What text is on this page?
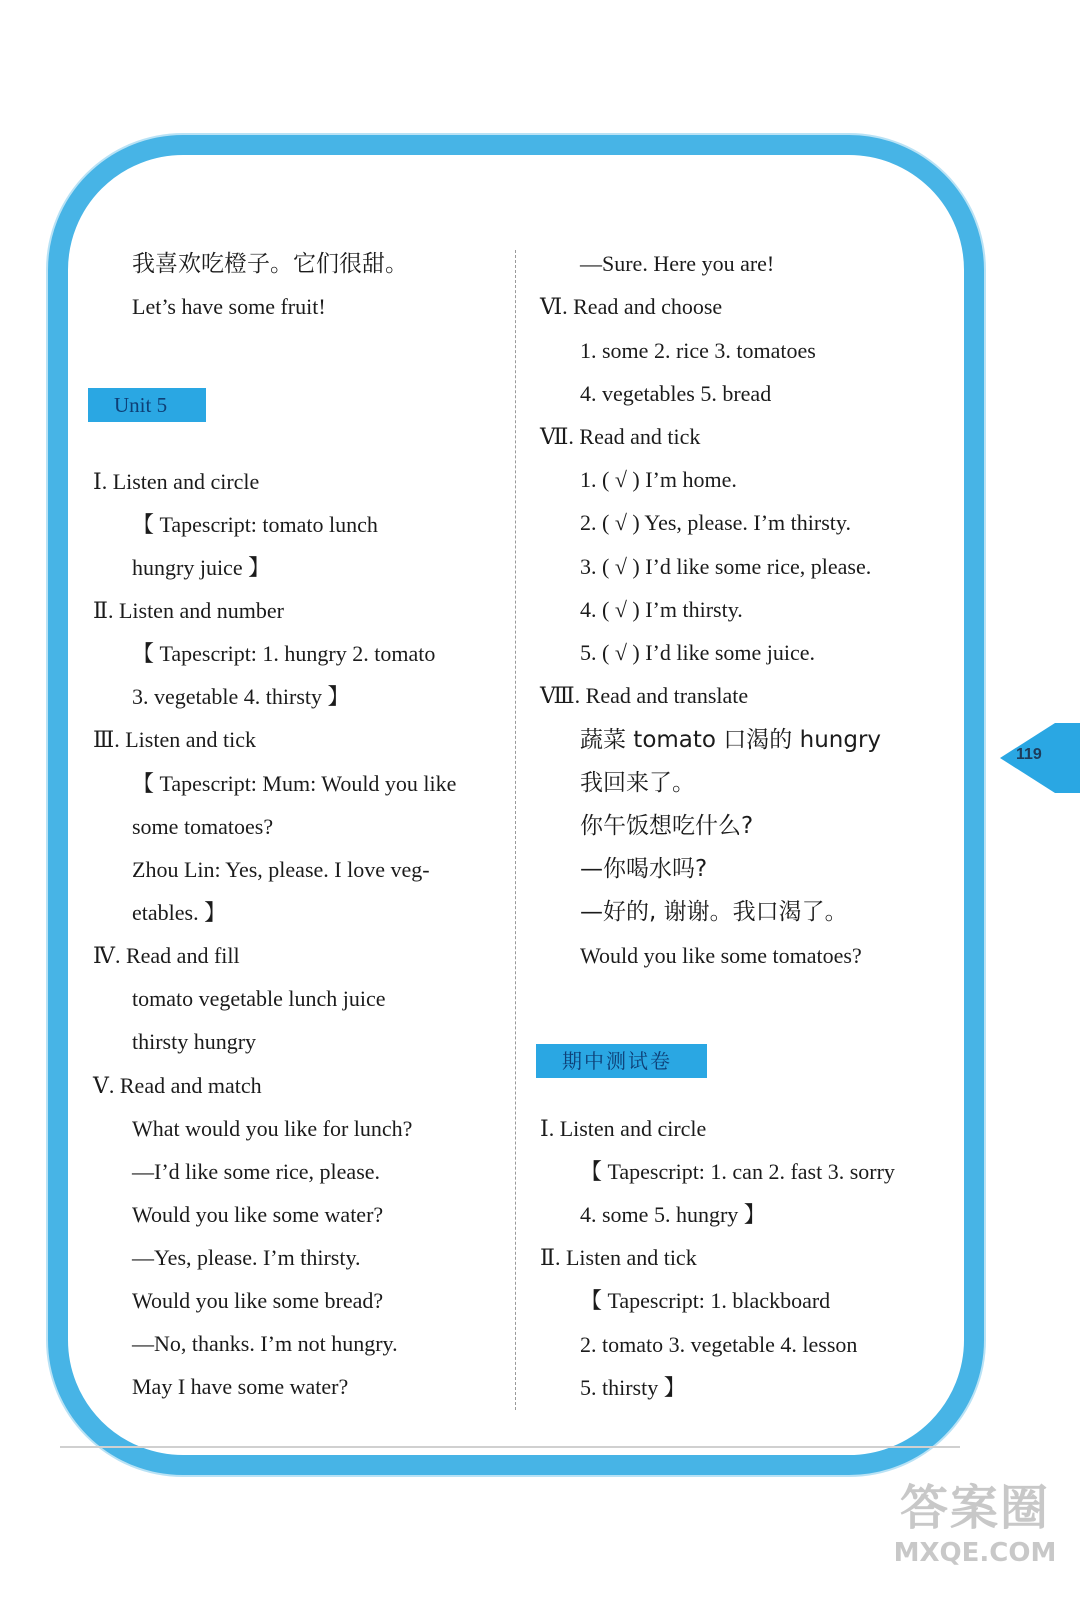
我喜欢吃橙子。它们很甜。
Let’s have some fruit!
Unit 5
Ⅰ. Listen and circle
【 Tapescript: tomato lunch
hungry juice 】
Ⅱ. Listen and number
【 Tapescript: 1. hungry 2. tomato
3. vegetable 4. thirsty 】
Ⅲ. Listen and tick
【 Tapescript: Mum: Would you like
some tomatoes?
Zhou Lin: Yes, please. I love veg-
etables. 】
Ⅳ. Read and fill
tomato vegetable lunch juice
thirsty hungry
Ⅴ. Read and match
What would you like for lunch?
—I’d like some rice, please.
Would you like some water?
—Yes, please. I’m thirsty.
Would you like some bread?
—No, thanks. I’m not hungry.
May I have some water?
—Sure. Here you are!
Ⅵ. Read and choose
1. some 2. rice 3. tomatoes
4. vegetables 5. bread
Ⅶ. Read and tick
1. ( √ ) I’m home.
2. ( √ ) Yes, please. I’m thirsty.
3. ( √ ) I’d like some rice, please.
4. ( √ ) I’m thirsty.
5. ( √ ) I’d like some juice.
Ⅷ. Read and translate
蔬菜 tomato 口渴的 hungry
我回来了。
你午饭想吃什么?
—你喝水吗?
—好的, 谢谢。我口渴了。
Would you like some tomatoes?
期中测试卷
Ⅰ. Listen and circle
【 Tapescript: 1. can 2. fast 3. sorry
4. some 5. hungry 】
Ⅱ. Listen and tick
【 Tapescript: 1. blackboard
2. tomato 3. vegetable 4. lesson
5. thirsty 】
119
答案圈
MXQE.COM
